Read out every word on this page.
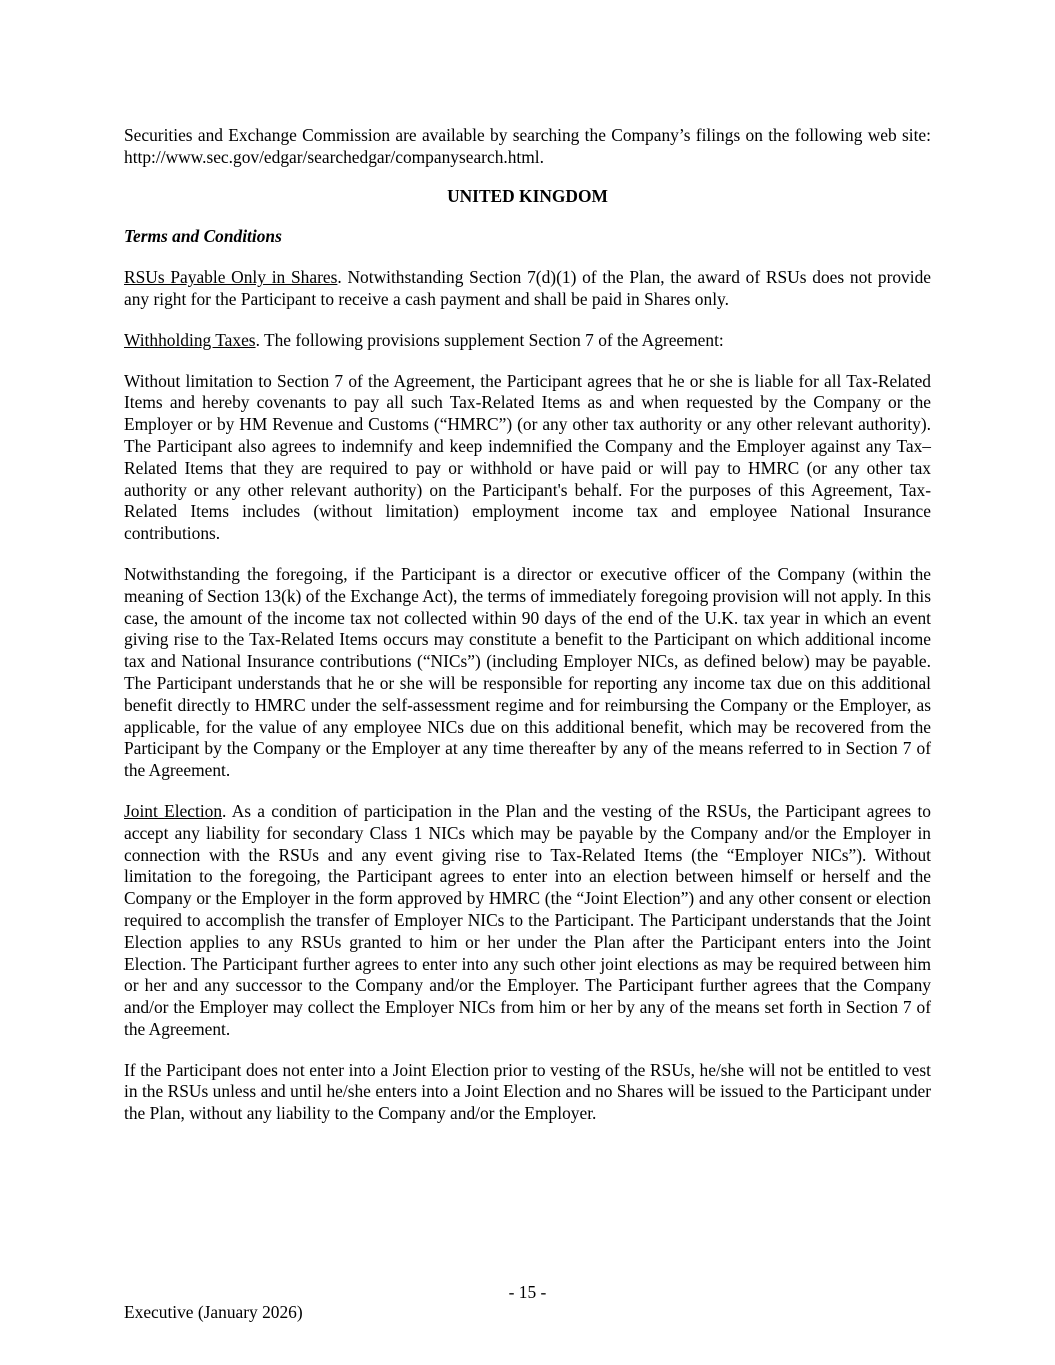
Securities and Exchange Commission are available by searching the Company’s filings on the following web site: http://www.sec.gov/edgar/searchedgar/companysearch.html.

UNITED KINGDOM

Terms and Conditions

RSUs Payable Only in Shares. Notwithstanding Section 7(d)(1) of the Plan, the award of RSUs does not provide any right for the Participant to receive a cash payment and shall be paid in Shares only.

Withholding Taxes. The following provisions supplement Section 7 of the Agreement:

Without limitation to Section 7 of the Agreement, the Participant agrees that he or she is liable for all Tax-Related Items and hereby covenants to pay all such Tax-Related Items as and when requested by the Company or the Employer or by HM Revenue and Customs (“HMRC”) (or any other tax authority or any other relevant authority). The Participant also agrees to indemnify and keep indemnified the Company and the Employer against any Tax–Related Items that they are required to pay or withhold or have paid or will pay to HMRC (or any other tax authority or any other relevant authority) on the Participant's behalf. For the purposes of this Agreement, Tax-Related Items includes (without limitation) employment income tax and employee National Insurance contributions.

Notwithstanding the foregoing, if the Participant is a director or executive officer of the Company (within the meaning of Section 13(k) of the Exchange Act), the terms of immediately foregoing provision will not apply. In this case, the amount of the income tax not collected within 90 days of the end of the U.K. tax year in which an event giving rise to the Tax-Related Items occurs may constitute a benefit to the Participant on which additional income tax and National Insurance contributions (“NICs”) (including Employer NICs, as defined below) may be payable. The Participant understands that he or she will be responsible for reporting any income tax due on this additional benefit directly to HMRC under the self-assessment regime and for reimbursing the Company or the Employer, as applicable, for the value of any employee NICs due on this additional benefit, which may be recovered from the Participant by the Company or the Employer at any time thereafter by any of the means referred to in Section 7 of the Agreement.

Joint Election. As a condition of participation in the Plan and the vesting of the RSUs, the Participant agrees to accept any liability for secondary Class 1 NICs which may be payable by the Company and/or the Employer in connection with the RSUs and any event giving rise to Tax-Related Items (the “Employer NICs”). Without limitation to the foregoing, the Participant agrees to enter into an election between himself or herself and the Company or the Employer in the form approved by HMRC (the “Joint Election”) and any other consent or election required to accomplish the transfer of Employer NICs to the Participant. The Participant understands that the Joint Election applies to any RSUs granted to him or her under the Plan after the Participant enters into the Joint Election. The Participant further agrees to enter into any such other joint elections as may be required between him or her and any successor to the Company and/or the Employer. The Participant further agrees that the Company and/or the Employer may collect the Employer NICs from him or her by any of the means set forth in Section 7 of the Agreement.

If the Participant does not enter into a Joint Election prior to vesting of the RSUs, he/she will not be entitled to vest in the RSUs unless and until he/she enters into a Joint Election and no Shares will be issued to the Participant under the Plan, without any liability to the Company and/or the Employer.

- 15 -
Executive (January 2026)
